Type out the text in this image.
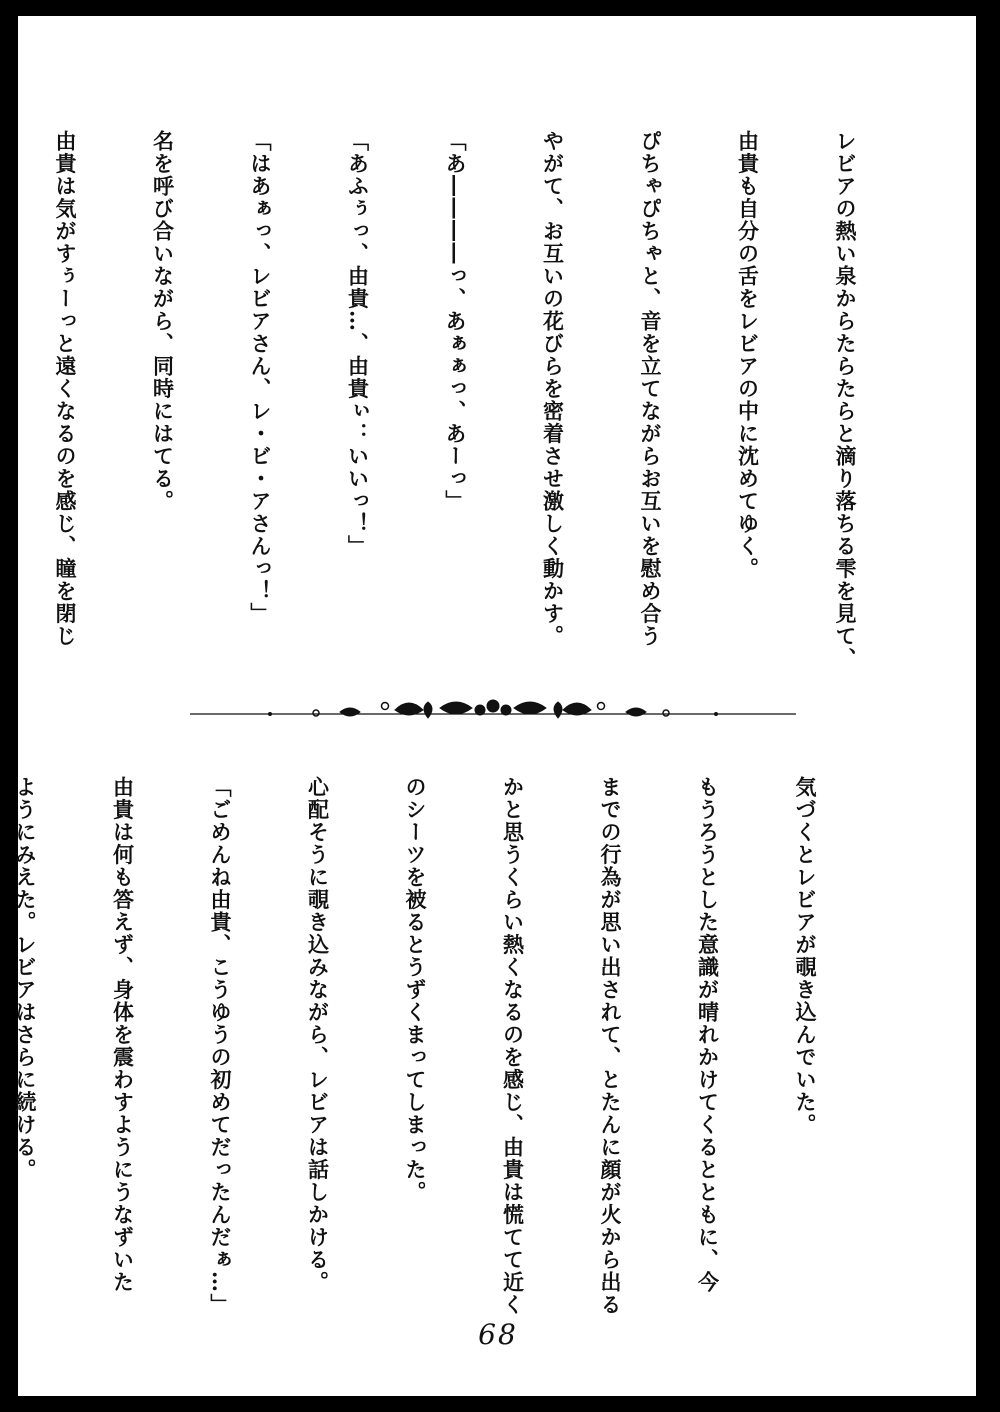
レビアの熱い泉からたらたらと滴り落ちる雫を見て、

由貴も自分の舌をレビアの中に沈めてゆく。

ぴちゃぴちゃと、音を立てながらお互いを慰め合う

やがて、お互いの花びらを密着させ激しく動かす。

「あ――――っ、あぁぁっ、あーっ」

「あふぅっ、由貴…、由貴ぃ：いいっ！」

「はあぁっ、レビアさん、レ・ビ・アさんっ！」

名を呼び合いながら、同時にはてる。

由貴は気がすぅーっと遠くなるのを感じ、瞳を閉じ

気づくとレビアが覗き込んでいた。

もうろうとした意識が晴れかけてくるとともに、今

までの行為が思い出されて、とたんに顔が火から出る

かと思うくらい熱くなるのを感じ、由貴は慌てて近く

のシーツを被るとうずくまってしまった。

心配そうに覗き込みながら、レビアは話しかける。

「ごめんね由貴、こうゆうの初めてだったんだぁ…」

由貴は何も答えず、身体を震わすようにうなずいた

ようにみえた。レビアはさらに続ける。

68
